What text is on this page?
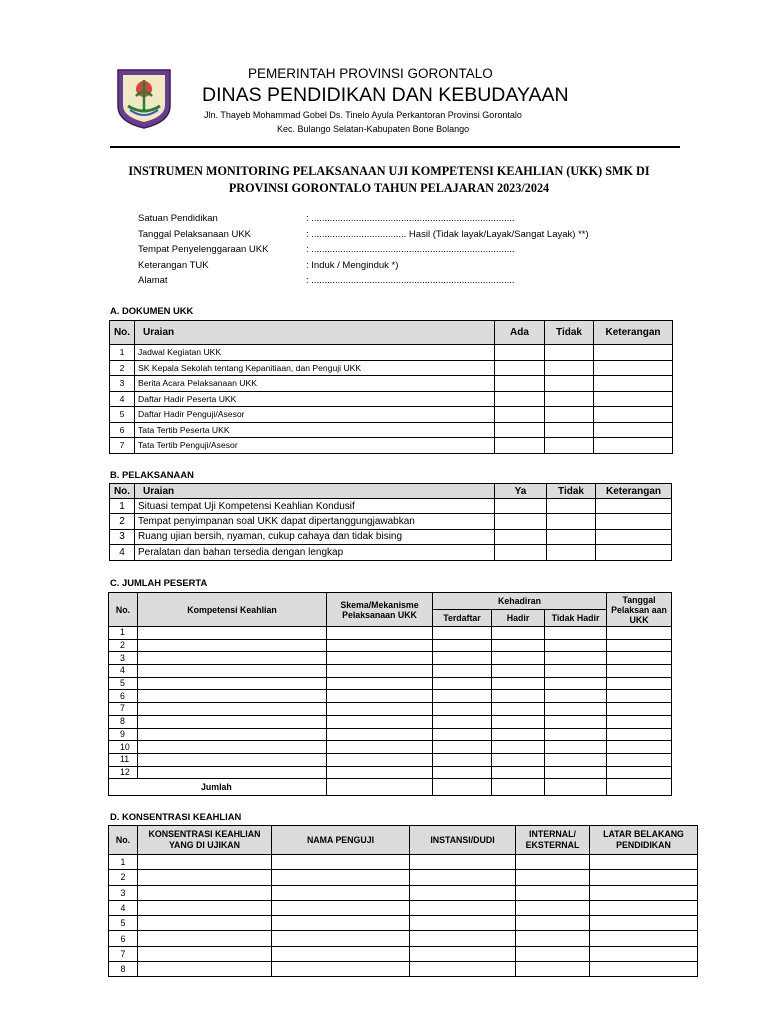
PEMERINTAH PROVINSI GORONTALO
DINAS PENDIDIKAN DAN KEBUDAYAAN
Jln. Thayeb Mohammad Gobel Ds. Tinelo Ayula Perkantoran Provinsi Gorontalo
Kec. Bulango Selatan-Kabupaten Bone Bolango
INSTRUMEN MONITORING PELAKSANAAN UJI KOMPETENSI KEAHLIAN (UKK) SMK DI
PROVINSI GORONTALO TAHUN PELAJARAN 2023/2024
Satuan Pendidikan	: .............................................................................
Tanggal Pelaksanaan UKK	: .................................... Hasil (Tidak layak/Layak/Sangat Layak) **)
Tempat Penyelenggaraan UKK	: .............................................................................
Keterangan TUK	: Induk / Menginduk *)
Alamat	: .............................................................................
A. DOKUMEN UKK
No.	Uraian	Ada	Tidak	Keterangan
1	Jadwal Kegiatan UKK			
2	SK Kepala Sekolah tentang Kepanitiaan, dan Penguji UKK			
3	Berita Acara Pelaksanaan UKK			
4	Daftar Hadir Peserta UKK			
5	Daftar Hadir Penguji/Asesor			
6	Tata Tertib Peserta UKK			
7	Tata Tertib Penguji/Asesor			
B. PELAKSANAAN
No.	Uraian	Ya	Tidak	Keterangan
1	Situasi tempat Uji Kompetensi Keahlian Kondusif			
2	Tempat penyimpanan soal UKK dapat dipertanggungjawabkan			
3	Ruang ujian bersih, nyaman, cukup cahaya dan tidak bising			
4	Peralatan dan bahan tersedia dengan lengkap			
C. JUMLAH PESERTA
No.	Kompetensi Keahlian	Skema/Mekanisme Pelaksanaan UKK	Kehadiran			Tanggal Pelaksan aan UKK
			Terdaftar	Hadir	Tidak Hadir	
1						
2						
3						
4						
5						
6						
7						
8						
9						
10						
11						
12						
Jumlah						
D. KONSENTRASI KEAHLIAN
No.	KONSENTRASI KEAHLIAN YANG DI UJIKAN	NAMA PENGUJI	INSTANSI/DUDI	INTERNAL/ EKSTERNAL	LATAR BELAKANG PENDIDIKAN
1					
2					
3					
4					
5					
6					
7					
8					
